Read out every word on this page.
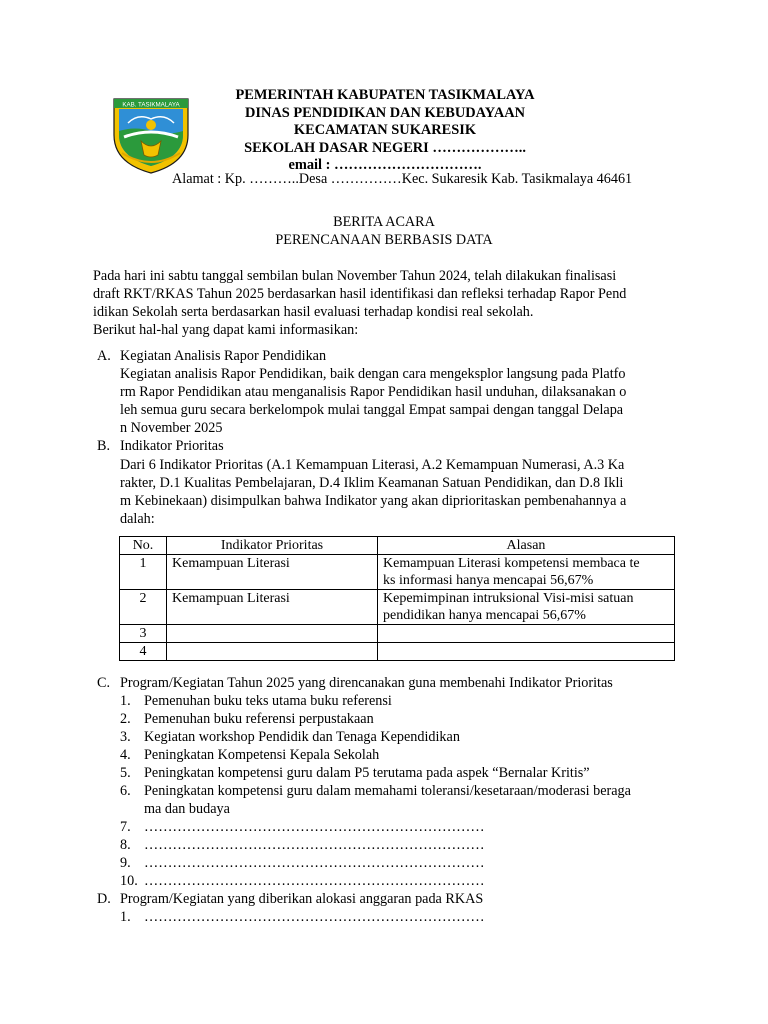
KAB. TASIKMALAYA
PEMERINTAH KABUPATEN TASIKMALAYA
DINAS PENDIDIKAN DAN KEBUDAYAAN
KECAMATAN SUKARESIK
SEKOLAH DASAR NEGERI ………………..
email : ………………………….
Alamat : Kp. ………..Desa ……………Kec. Sukaresik Kab. Tasikmalaya 46461
BERITA ACARA
PERENCANAAN BERBASIS DATA
Pada hari ini sabtu tanggal sembilan bulan November Tahun 2024, telah dilakukan finalisasi
draft RKT/RKAS Tahun 2025 berdasarkan hasil identifikasi dan refleksi terhadap Rapor Pend
idikan Sekolah serta berdasarkan hasil evaluasi terhadap kondisi real sekolah.
Berikut hal-hal yang dapat kami informasikan:
A. Kegiatan Analisis Rapor Pendidikan
Kegiatan analisis Rapor Pendidikan, baik dengan cara mengeksplor langsung pada Platfo
rm Rapor Pendidikan atau menganalisis Rapor Pendidikan hasil unduhan, dilaksanakan o
leh semua guru secara berkelompok mulai tanggal Empat sampai dengan tanggal Delapa
n November 2025
B. Indikator Prioritas
Dari 6 Indikator Prioritas (A.1 Kemampuan Literasi, A.2 Kemampuan Numerasi, A.3 Ka
rakter, D.1 Kualitas Pembelajaran, D.4 Iklim Keamanan Satuan Pendidikan, dan D.8 Ikli
m Kebinekaan) disimpulkan bahwa Indikator yang akan diprioritaskan pembenahannya a
dalah:
No.	Indikator Prioritas	Alasan
1	Kemampuan Literasi	Kemampuan Literasi kompetensi membaca te
ks informasi hanya mencapai 56,67%

2	Kemampuan Literasi	Kepemimpinan intruksional Visi-misi satuan
pendidikan hanya mencapai 56,67%

3		
4		
C. Program/Kegiatan Tahun 2025 yang direncanakan guna membenahi Indikator Prioritas
1. Pemenuhan buku teks utama buku referensi
2. Pemenuhan buku referensi perpustakaan
3. Kegiatan workshop Pendidik dan Tenaga Kependidikan
4. Peningkatan Kompetensi Kepala Sekolah
5. Peningkatan kompetensi guru dalam P5 terutama pada aspek “Bernalar Kritis”
6. Peningkatan kompetensi guru dalam memahami toleransi/kesetaraan/moderasi beraga
ma dan budaya
7. ………………………………………………………………
8. ………………………………………………………………
9. ………………………………………………………………
10. ………………………………………………………………
D. Program/Kegiatan yang diberikan alokasi anggaran pada RKAS
1. ………………………………………………………………
